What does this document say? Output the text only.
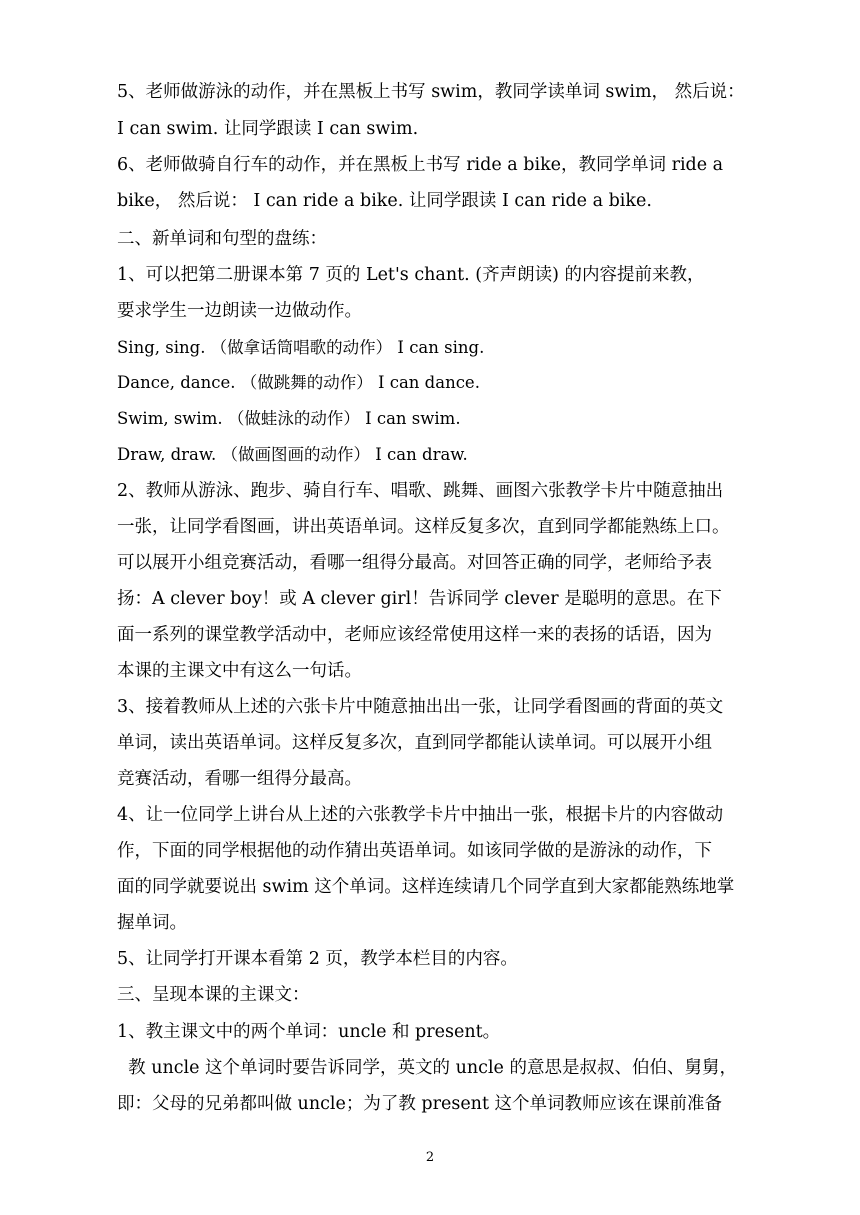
5、老师做游泳的动作，并在黑板上书写 swim，教同学读单词 swim， 然后说：
I can swim. 让同学跟读 I can swim.
6、老师做骑自行车的动作，并在黑板上书写 ride a bike，教同学单词 ride a
bike， 然后说： I can ride a bike. 让同学跟读 I can ride a bike.
二、新单词和句型的盘练：
1、可以把第二册课本第 7 页的 Let's chant. (齐声朗读) 的内容提前来教，
要求学生一边朗读一边做动作。
Sing, sing. （做拿话筒唱歌的动作） I can sing.
Dance, dance. （做跳舞的动作） I can dance.
Swim, swim. （做蛙泳的动作） I can swim.
Draw, draw. （做画图画的动作） I can draw.
2、教师从游泳、跑步、骑自行车、唱歌、跳舞、画图六张教学卡片中随意抽出
一张，让同学看图画，讲出英语单词。这样反复多次，直到同学都能熟练上口。
可以展开小组竞赛活动，看哪一组得分最高。对回答正确的同学，老师给予表
扬：A clever boy！或 A clever girl！告诉同学 clever 是聪明的意思。在下
面一系列的课堂教学活动中，老师应该经常使用这样一来的表扬的话语，因为
本课的主课文中有这么一句话。
3、接着教师从上述的六张卡片中随意抽出出一张，让同学看图画的背面的英文
单词，读出英语单词。这样反复多次，直到同学都能认读单词。可以展开小组
竞赛活动，看哪一组得分最高。
4、让一位同学上讲台从上述的六张教学卡片中抽出一张，根据卡片的内容做动
作，下面的同学根据他的动作猜出英语单词。如该同学做的是游泳的动作，下
面的同学就要说出 swim 这个单词。这样连续请几个同学直到大家都能熟练地掌
握单词。
5、让同学打开课本看第 2 页，教学本栏目的内容。
三、呈现本课的主课文：
1、教主课文中的两个单词：uncle 和 present。
教 uncle 这个单词时要告诉同学，英文的 uncle 的意思是叔叔、伯伯、舅舅，
即：父母的兄弟都叫做 uncle；为了教 present 这个单词教师应该在课前准备
2
